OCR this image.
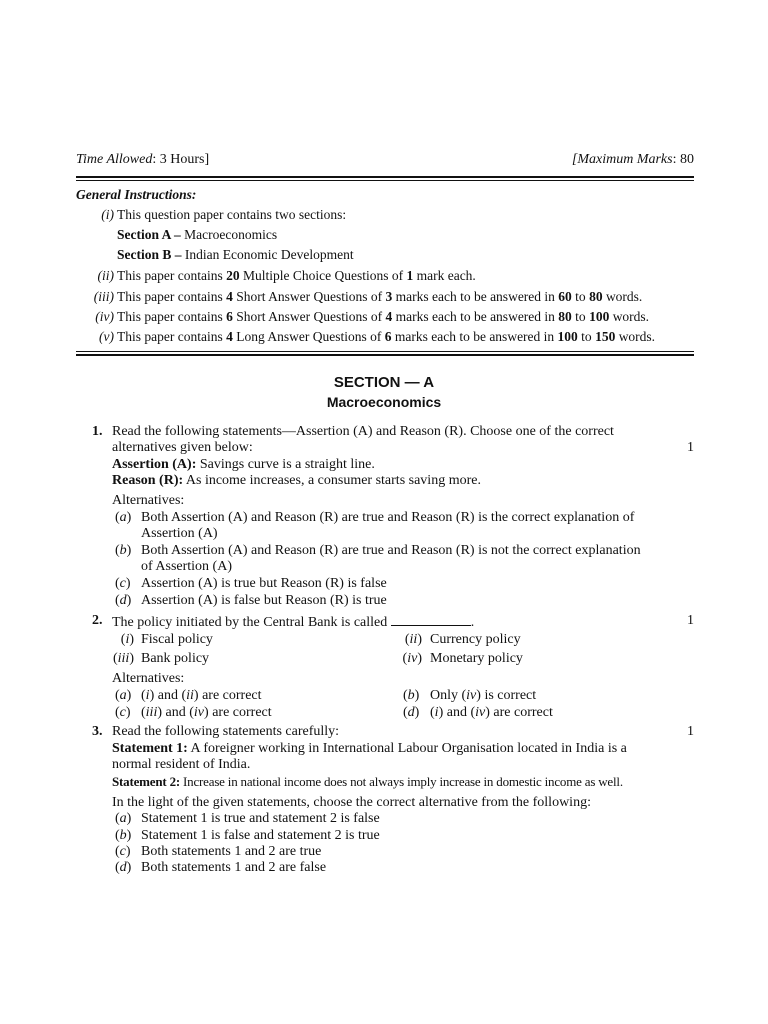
Time Allowed: 3 Hours]	[Maximum Marks: 80
General Instructions:
(i) This question paper contains two sections:
Section A – Macroeconomics
Section B – Indian Economic Development
(ii) This paper contains 20 Multiple Choice Questions of 1 mark each.
(iii) This paper contains 4 Short Answer Questions of 3 marks each to be answered in 60 to 80 words.
(iv) This paper contains 6 Short Answer Questions of 4 marks each to be answered in 80 to 100 words.
(v) This paper contains 4 Long Answer Questions of 6 marks each to be answered in 100 to 150 words.
SECTION — A
Macroeconomics
1. Read the following statements—Assertion (A) and Reason (R). Choose one of the correct
alternatives given below:	1
Assertion (A): Savings curve is a straight line.
Reason (R): As income increases, a consumer starts saving more.
Alternatives:
(a) Both Assertion (A) and Reason (R) are true and Reason (R) is the correct explanation of
Assertion (A)
(b) Both Assertion (A) and Reason (R) are true and Reason (R) is not the correct explanation
of Assertion (A)
(c) Assertion (A) is true but Reason (R) is false
(d) Assertion (A) is false but Reason (R) is true
2. The policy initiated by the Central Bank is called	.	1
(i) Fiscal policy	(ii) Currency policy
(iii) Bank policy	(iv) Monetary policy
Alternatives:
(a) (i) and (ii) are correct	(b) Only (iv) is correct
(c) (iii) and (iv) are correct	(d) (i) and (iv) are correct
3. Read the following statements carefully:	1
Statement 1: A foreigner working in International Labour Organisation located in India is a
normal resident of India.
Statement 2: Increase in national income does not always imply increase in domestic income as well.
In the light of the given statements, choose the correct alternative from the following:
(a) Statement 1 is true and statement 2 is false
(b) Statement 1 is false and statement 2 is true
(c) Both statements 1 and 2 are true
(d) Both statements 1 and 2 are false
